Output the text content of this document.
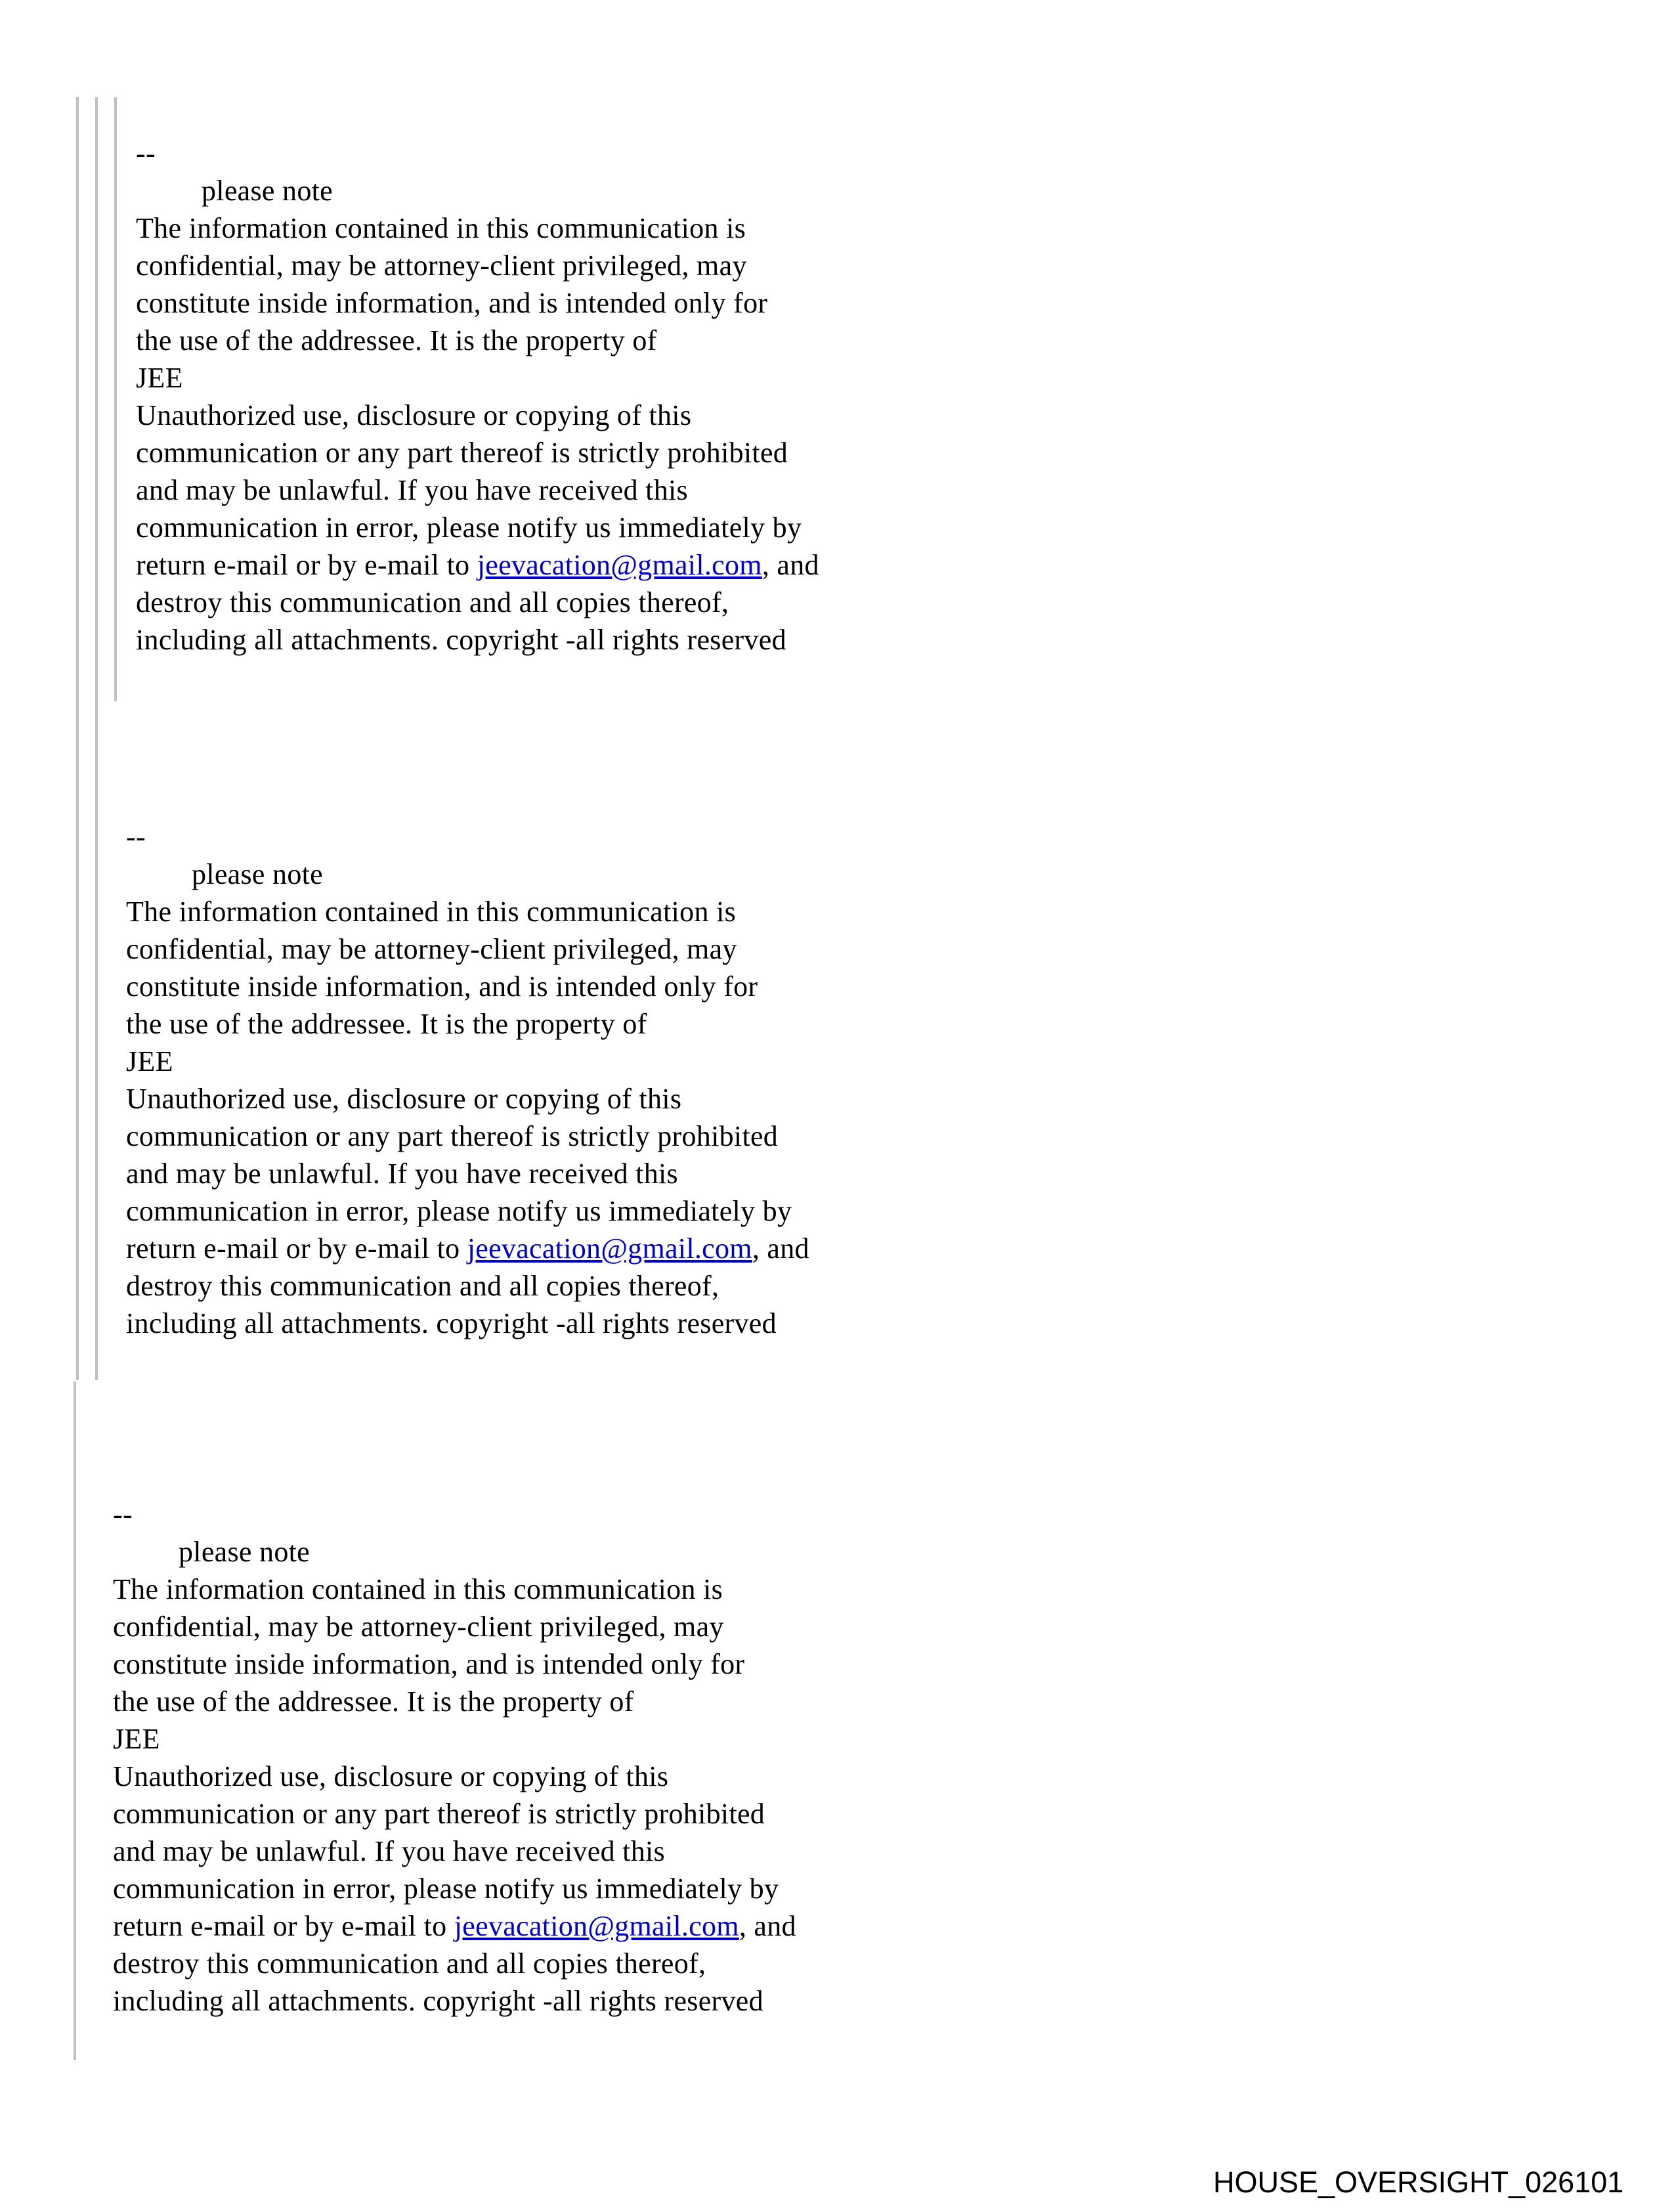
--
please note
The information contained in this communication is
confidential, may be attorney-client privileged, may
constitute inside information, and is intended only for
the use of the addressee. It is the property of
JEE
Unauthorized use, disclosure or copying of this
communication or any part thereof is strictly prohibited
and may be unlawful. If you have received this
communication in error, please notify us immediately by
return e-mail or by e-mail to jeevacation@gmail.com, and
destroy this communication and all copies thereof,
including all attachments. copyright -all rights reserved
--
please note
The information contained in this communication is
confidential, may be attorney-client privileged, may
constitute inside information, and is intended only for
the use of the addressee. It is the property of
JEE
Unauthorized use, disclosure or copying of this
communication or any part thereof is strictly prohibited
and may be unlawful. If you have received this
communication in error, please notify us immediately by
return e-mail or by e-mail to jeevacation@gmail.com, and
destroy this communication and all copies thereof,
including all attachments. copyright -all rights reserved
--
please note
The information contained in this communication is
confidential, may be attorney-client privileged, may
constitute inside information, and is intended only for
the use of the addressee. It is the property of
JEE
Unauthorized use, disclosure or copying of this
communication or any part thereof is strictly prohibited
and may be unlawful. If you have received this
communication in error, please notify us immediately by
return e-mail or by e-mail to jeevacation@gmail.com, and
destroy this communication and all copies thereof,
including all attachments. copyright -all rights reserved
HOUSE_OVERSIGHT_026101
